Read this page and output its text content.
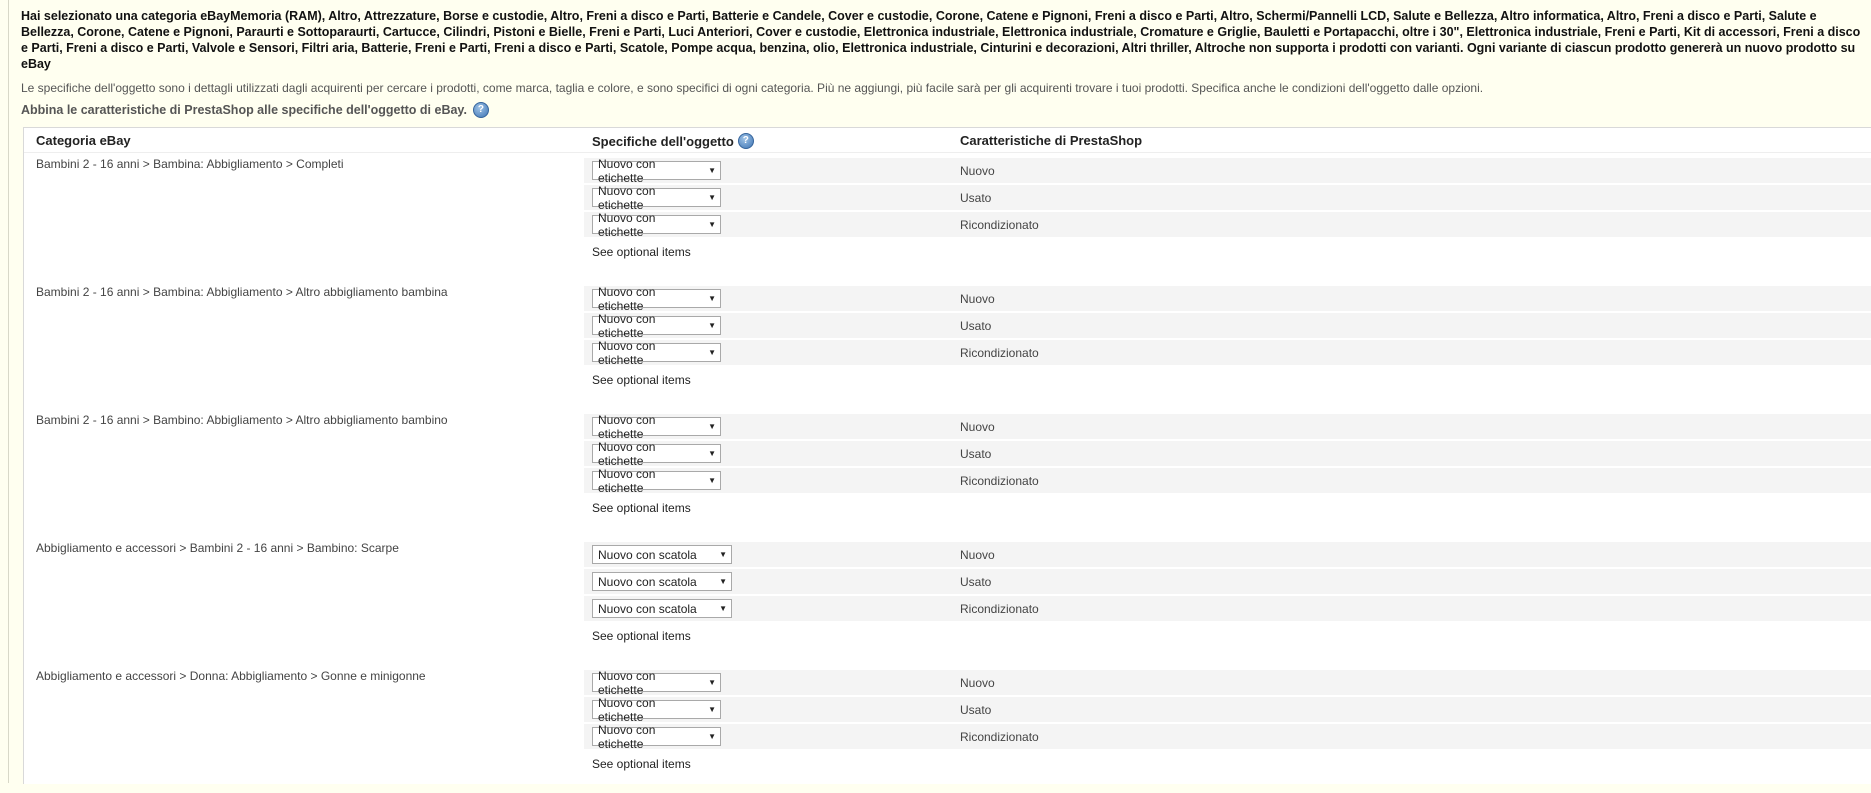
Hai selezionato una categoria eBayMemoria (RAM), Altro, Attrezzature, Borse e custodie, Altro, Freni a disco e Parti, Batterie e Candele, Cover e custodie, Corone, Catene e Pignoni, Freni a disco e Parti, Altro, Schermi/Pannelli LCD, Salute e Bellezza, Altro informatica, Altro, Freni a disco e Parti, Salute e Bellezza, Corone, Catene e Pignoni, Paraurti e Sottoparaurti, Cartucce, Cilindri, Pistoni e Bielle, Freni e Parti, Luci Anteriori, Cover e custodie, Elettronica industriale, Elettronica industriale, Cromature e Griglie, Bauletti e Portapacchi, oltre i 30", Elettronica industriale, Freni e Parti, Kit di accessori, Freni a disco e Parti, Freni a disco e Parti, Valvole e Sensori, Filtri aria, Batterie, Freni e Parti, Freni a disco e Parti, Scatole, Pompe acqua, benzina, olio, Elettronica industriale, Cinturini e decorazioni, Altri thriller, Altroche non supporta i prodotti con varianti. Ogni variante di ciascun prodotto genererà un nuovo prodotto su eBay
Le specifiche dell'oggetto sono i dettagli utilizzati dagli acquirenti per cercare i prodotti, come marca, taglia e colore, e sono specifici di ogni categoria. Più ne aggiungi, più facile sarà per gli acquirenti trovare i tuoi prodotti. Specifica anche le condizioni dell'oggetto dalle opzioni.
Abbina le caratteristiche di PrestaShop alle specifiche dell'oggetto di eBay.	?
Categoria eBay	Specifiche dell'oggetto ?	Caratteristiche di PrestaShop
Bambini 2 - 16 anni > Bambina: Abbigliamento > Completi	Nuovo con etichette	▼	Nuovo
Nuovo con etichette	▼	Usato
Nuovo con etichette	▼	Ricondizionato
See optional items
Bambini 2 - 16 anni > Bambina: Abbigliamento > Altro abbigliamento bambina	Nuovo con etichette	▼	Nuovo
Nuovo con etichette	▼	Usato
Nuovo con etichette	▼	Ricondizionato
See optional items
Bambini 2 - 16 anni > Bambino: Abbigliamento > Altro abbigliamento bambino	Nuovo con etichette	▼	Nuovo
Nuovo con etichette	▼	Usato
Nuovo con etichette	▼	Ricondizionato
See optional items
Abbigliamento e accessori > Bambini 2 - 16 anni > Bambino: Scarpe	Nuovo con scatola	▼	Nuovo
Nuovo con scatola	▼	Usato
Nuovo con scatola	▼	Ricondizionato
See optional items
Abbigliamento e accessori > Donna: Abbigliamento > Gonne e minigonne	Nuovo con etichette	▼	Nuovo
Nuovo con etichette	▼	Usato
Nuovo con etichette	▼	Ricondizionato
See optional items
